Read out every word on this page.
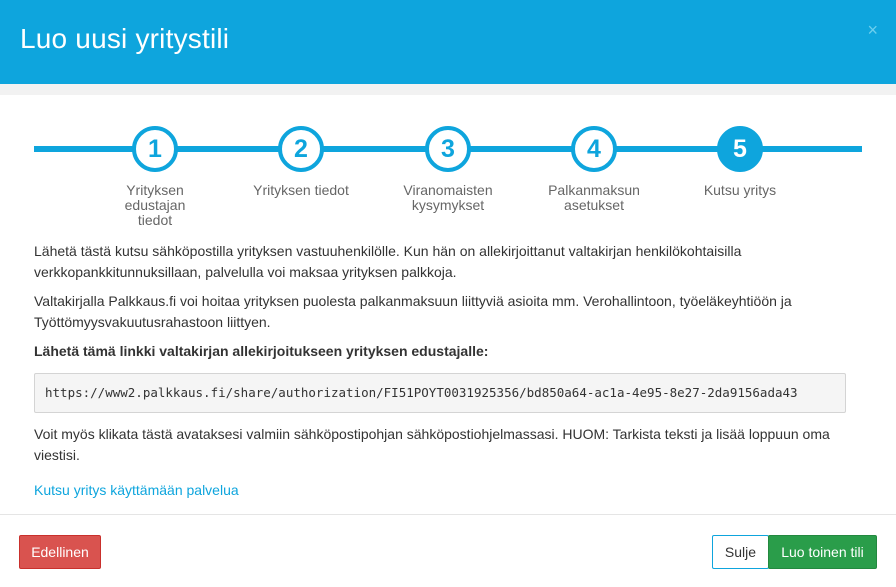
Luo uusi yritystili	×
1
Yrityksen edustajan tiedot
2
Yrityksen tiedot
3
Viranomaisten kysymykset
4
Palkanmaksun asetukset
5
Kutsu yritys

Lähetä tästä kutsu sähköpostilla yrityksen vastuuhenkilölle. Kun hän on allekirjoittanut valtakirjan henkilökohtaisilla verkkopankkitunnuksillaan, palvelulla voi maksaa yrityksen palkkoja.

Valtakirjalla Palkkaus.fi voi hoitaa yrityksen puolesta palkanmaksuun liittyviä asioita mm. Verohallintoon, työeläkeyhtiöön ja Työttömyysvakuutusrahastoon liittyen.

Lähetä tämä linkki valtakirjan allekirjoitukseen yrityksen edustajalle:

https://www2.palkkaus.fi/share/authorization/FI51POYT0031925356/bd850a64-ac1a-4e95-8e27-2da9156ada43

Voit myös klikata tästä avataksesi valmiin sähköpostipohjan sähköpostiohjelmassasi. HUOM: Tarkista teksti ja lisää loppuun oma viestisi.

Kutsu yritys käyttämään palvelua
Edellinen	Sulje	Luo toinen tili
